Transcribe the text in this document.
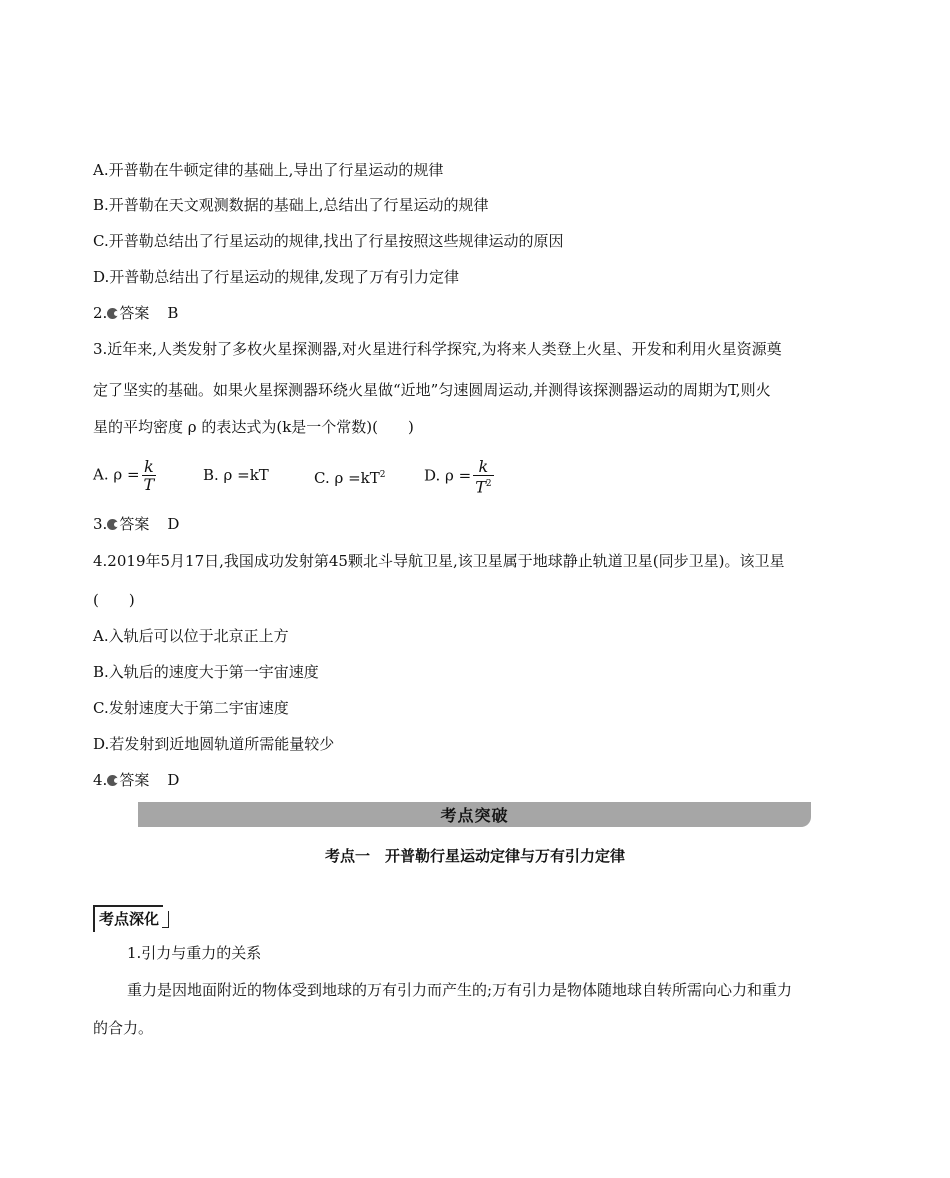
A.开普勒在牛顿定律的基础上,导出了行星运动的规律
B.开普勒在天文观测数据的基础上,总结出了行星运动的规律
C.开普勒总结出了行星运动的规律,找出了行星按照这些规律运动的原因
D.开普勒总结出了行星运动的规律,发现了万有引力定律
2. 答案 B
3.近年来,人类发射了多枚火星探测器,对火星进行科学探究,为将来人类登上火星、开发和利用火星资源奠
定了坚实的基础。如果火星探测器环绕火星做“近地”匀速圆周运动,并测得该探测器运动的周期为T,则火
星的平均密度 ρ 的表达式为(k是一个常数)(　　)
A. $\rho = \frac{k}{T}$	B. ρ =kT	C. $\rho =kT^2$	D. $\rho = \frac{k}{T^2}$
3. 答案 D
4.2019年5月17日,我国成功发射第45颗北斗导航卫星,该卫星属于地球静止轨道卫星(同步卫星)。该卫星
(　　)
A.入轨后可以位于北京正上方
B.入轨后的速度大于第一宇宙速度
C.发射速度大于第二宇宙速度
D.若发射到近地圆轨道所需能量较少
4. 答案 D
考点突破
考点一　开普勒行星运动定律与万有引力定律
考点深化
1.引力与重力的关系
重力是因地面附近的物体受到地球的万有引力而产生的;万有引力是物体随地球自转所需向心力和重力
的合力。
